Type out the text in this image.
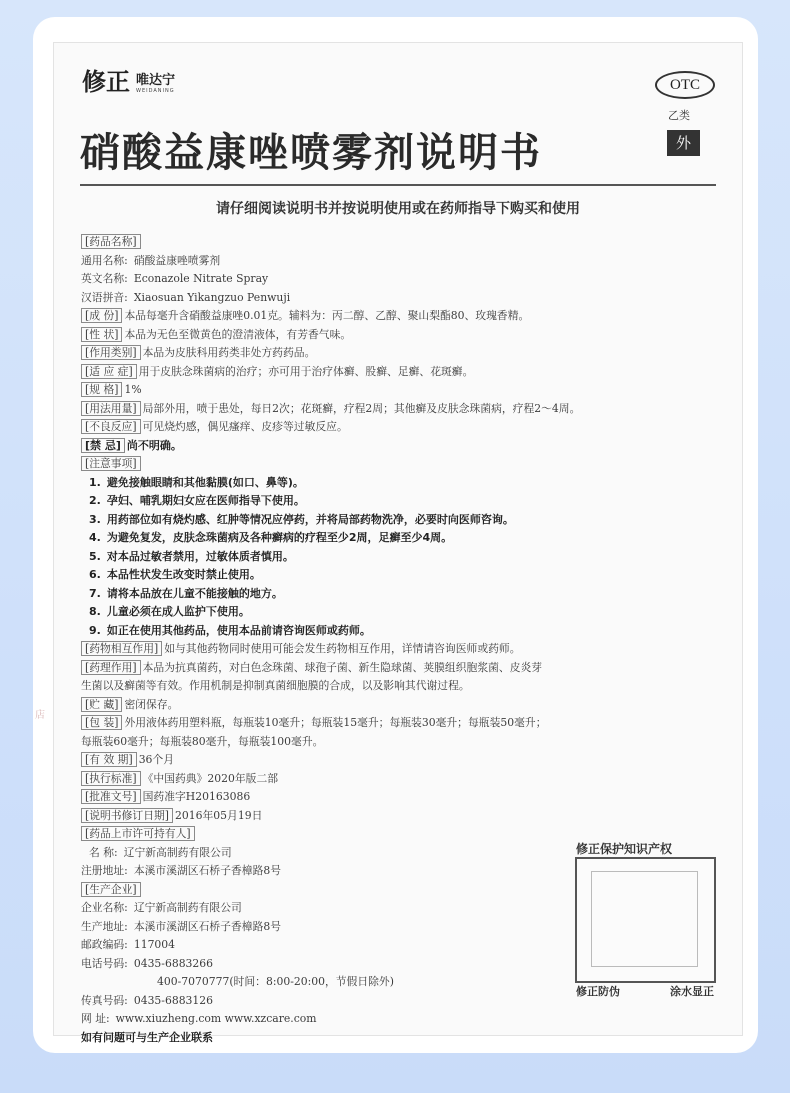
店
修正 唯达宁
WEIDANING	OTC
乙类
外
硝酸益康唑喷雾剂说明书
请仔细阅读说明书并按说明使用或在药师指导下购买和使用
[药品名称]
通用名称: 硝酸益康唑喷雾剂
英文名称: Econazole Nitrate Spray
汉语拼音: Xiaosuan Yikangzuo Penwuji
[成 份] 本品每毫升含硝酸益康唑0.01克。辅料为：丙二醇、乙醇、聚山梨酯80、玫瑰香精。
[性 状] 本品为无色至微黄色的澄清液体，有芳香气味。
[作用类别] 本品为皮肤科用药类非处方药药品。
[适 应 症] 用于皮肤念珠菌病的治疗；亦可用于治疗体癣、股癣、足癣、花斑癣。
[规 格] 1%
[用法用量] 局部外用，喷于患处，每日2次；花斑癣，疗程2周；其他癣及皮肤念珠菌病，疗程2～4周。
[不良反应] 可见烧灼感，偶见瘙痒、皮疹等过敏反应。
[禁 忌] 尚不明确。
[注意事项]
1. 避免接触眼睛和其他黏膜(如口、鼻等)。
2. 孕妇、哺乳期妇女应在医师指导下使用。
3. 用药部位如有烧灼感、红肿等情况应停药，并将局部药物洗净，必要时向医师咨询。
4. 为避免复发，皮肤念珠菌病及各种癣病的疗程至少2周，足癣至少4周。
5. 对本品过敏者禁用，过敏体质者慎用。
6. 本品性状发生改变时禁止使用。
7. 请将本品放在儿童不能接触的地方。
8. 儿童必须在成人监护下使用。
9. 如正在使用其他药品，使用本品前请咨询医师或药师。
[药物相互作用] 如与其他药物同时使用可能会发生药物相互作用，详情请咨询医师或药师。
[药理作用] 本品为抗真菌药，对白色念珠菌、球孢子菌、新生隐球菌、荚膜组织胞浆菌、皮炎芽
生菌以及癣菌等有效。作用机制是抑制真菌细胞膜的合成，以及影响其代谢过程。
[贮 藏] 密闭保存。
[包 装] 外用液体药用塑料瓶，每瓶装10毫升；每瓶装15毫升；每瓶装30毫升；每瓶装50毫升；
每瓶装60毫升；每瓶装80毫升，每瓶装100毫升。
[有 效 期] 36个月
[执行标准] 《中国药典》2020年版二部
[批准文号] 国药准字H20163086
[说明书修订日期] 2016年05月19日
[药品上市许可持有人]
名 称: 辽宁新高制药有限公司
注册地址: 本溪市溪湖区石桥子香樟路8号
[生产企业]
企业名称: 辽宁新高制药有限公司
生产地址: 本溪市溪湖区石桥子香樟路8号
邮政编码: 117004
电话号码: 0435-6883266
400-7070777(时间：8:00-20:00，节假日除外)
传真号码: 0435-6883126
网 址: www.xiuzheng.com www.xzcare.com
如有问题可与生产企业联系
修正保护知识产权
修正防伪	涂水显正
